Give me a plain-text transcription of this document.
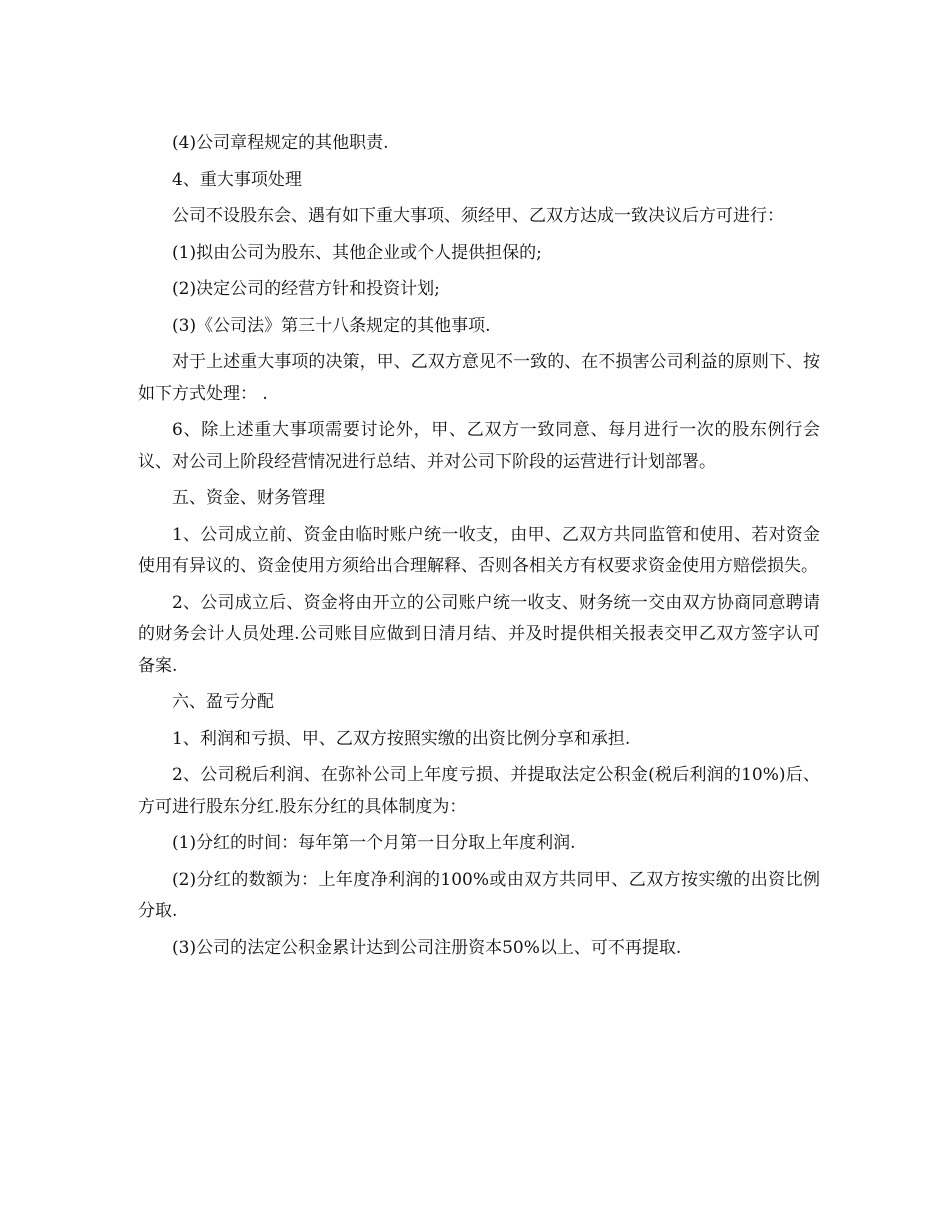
(4)公司章程规定的其他职责.

4、重大事项处理

公司不设股东会、遇有如下重大事项、须经甲、乙双方达成一致决议后方可进行：

(1)拟由公司为股东、其他企业或个人提供担保的;

(2)决定公司的经营方针和投资计划;

(3)《公司法》第三十八条规定的其他事项.

对于上述重大事项的决策，甲、乙双方意见不一致的、在不损害公司利益的原则下、按如下方式处理： .

6、除上述重大事项需要讨论外，甲、乙双方一致同意、每月进行一次的股东例行会议、对公司上阶段经营情况进行总结、并对公司下阶段的运营进行计划部署。

五、资金、财务管理

1、公司成立前、资金由临时账户统一收支，由甲、乙双方共同监管和使用、若对资金使用有异议的、资金使用方须给出合理解释、否则各相关方有权要求资金使用方赔偿损失。

2、公司成立后、资金将由开立的公司账户统一收支、财务统一交由双方协商同意聘请的财务会计人员处理.公司账目应做到日清月结、并及时提供相关报表交甲乙双方签字认可备案.

六、盈亏分配

1、利润和亏损、甲、乙双方按照实缴的出资比例分享和承担.

2、公司税后利润、在弥补公司上年度亏损、并提取法定公积金(税后利润的10%)后、方可进行股东分红.股东分红的具体制度为：

(1)分红的时间：每年第一个月第一日分取上年度利润.

(2)分红的数额为：上年度净利润的100%或由双方共同甲、乙双方按实缴的出资比例分取.

(3)公司的法定公积金累计达到公司注册资本50%以上、可不再提取.
